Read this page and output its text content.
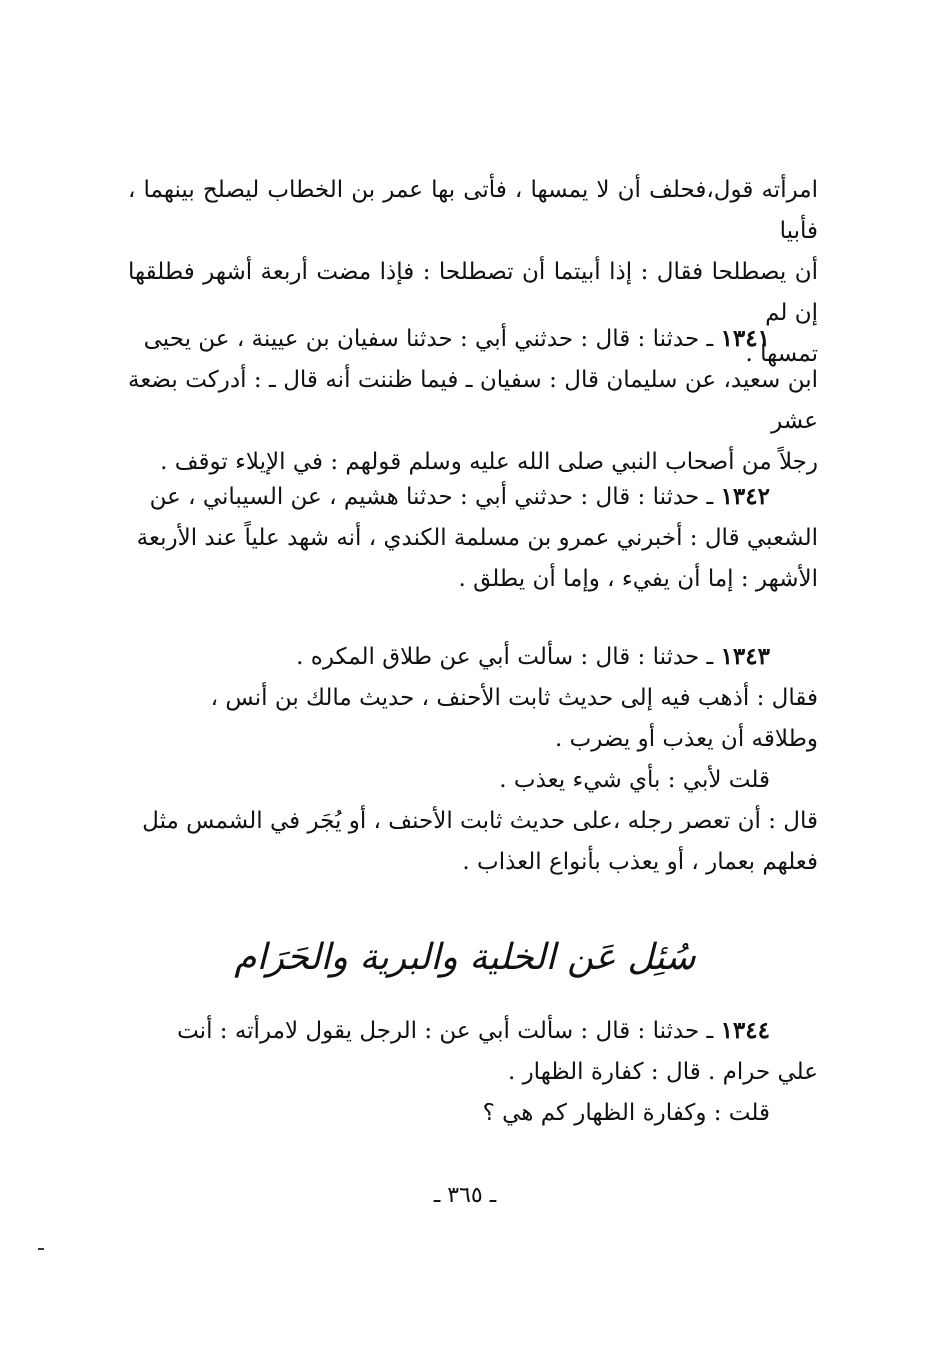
امرأته قول،فحلف أن لا يمسها ، فأتى بها عمر بن الخطاب ليصلح بينهما ، فأبيا

أن يصطلحا فقال : إذا أبيتما أن تصطلحا : فإذا مضت أربعة أشهر فطلقها إن لم

تمسها .

١٣٤١ ـ حدثنا : قال : حدثني أبي : حدثنا سفيان بن عيينة ، عن يحيى

ابن سعيد، عن سليمان قال : سفيان ـ فيما ظننت أنه قال ـ : أدركت بضعة عشر

رجلاً من أصحاب النبي صلى الله عليه وسلم قولهم : في الإيلاء توقف .

١٣٤٢ ـ حدثنا : قال : حدثني أبي : حدثنا هشيم ، عن السيباني ، عن

الشعبي قال : أخبرني عمرو بن مسلمة الكندي ، أنه شهد علياً عند الأربعة

الأشهر : إما أن يفيء ، وإما أن يطلق .

١٣٤٣ ـ حدثنا : قال : سألت أبي عن طلاق المكره .

فقال : أذهب فيه إلى حديث ثابت الأحنف ، حديث مالك بن أنس ،

وطلاقه أن يعذب أو يضرب .

قلت لأبي : بأي شيء يعذب .

قال : أن تعصر رجله ،على حديث ثابت الأحنف ، أو يُجَر في الشمس مثل

فعلهم بعمار ، أو يعذب بأنواع العذاب .

سُئِل عَن الخلية والبرية والحَرَام

١٣٤٤ ـ حدثنا : قال : سألت أبي عن : الرجل يقول لامرأته : أنت

علي حرام . قال : كفارة الظهار .

قلت : وكفارة الظهار كم هي ؟

ـ ٣٦٥ ـ
